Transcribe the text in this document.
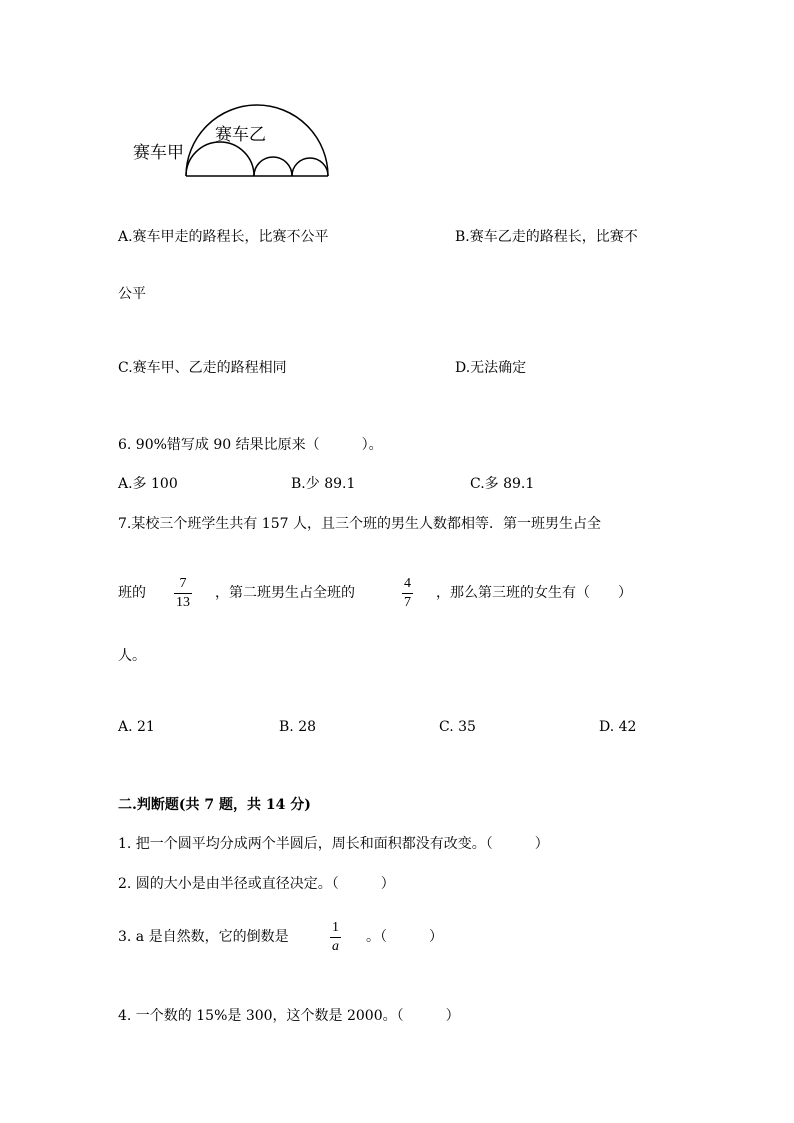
赛车甲
赛车乙
A.赛车甲走的路程长，比赛不公平	B.赛车乙走的路程长，比赛不
公平
C.赛车甲、乙走的路程相同	D.无法确定
6. 90%错写成 90 结果比原来（　　　）。
A.多 100	B.少 89.1	C.多 89.1
7.某校三个班学生共有 157 人，且三个班的男生人数都相等．第一班男生占全
班的
7
13
，第二班男生占全班的
4
7
，那么第三班的女生有（　　）
人。
A. 21	B. 28	C. 35	D. 42
二.判断题(共 7 题，共 14 分)
1. 把一个圆平均分成两个半圆后，周长和面积都没有改变。（　　　）
2. 圆的大小是由半径或直径决定。（　　　）
3. a 是自然数，它的倒数是
1
a
。（　　　）
4. 一个数的 15%是 300，这个数是 2000。（　　　）
